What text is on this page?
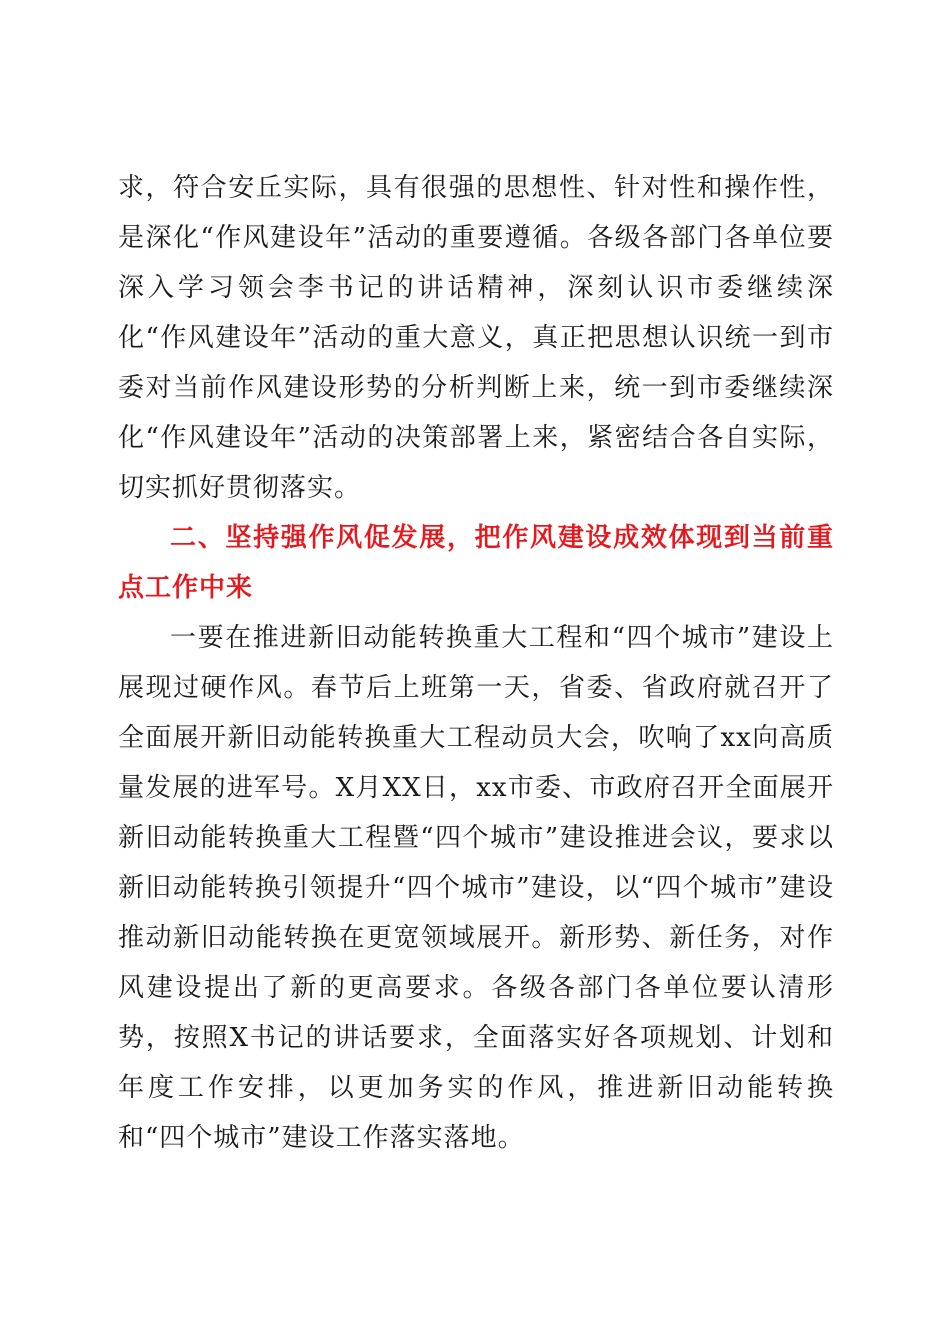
求，符合安丘实际，具有很强的思想性、针对性和操作性，是深化“作风建设年”活动的重要遵循。各级各部门各单位要深入学习领会李书记的讲话精神，深刻认识市委继续深化“作风建设年”活动的重大意义，真正把思想认识统一到市委对当前作风建设形势的分析判断上来，统一到市委继续深化“作风建设年”活动的决策部署上来，紧密结合各自实际，切实抓好贯彻落实。

二、坚持强作风促发展，把作风建设成效体现到当前重点工作中来

一要在推进新旧动能转换重大工程和“四个城市”建设上展现过硬作风。春节后上班第一天，省委、省政府就召开了全面展开新旧动能转换重大工程动员大会，吹响了xx向高质量发展的进军号。X月XX日，xx市委、市政府召开全面展开新旧动能转换重大工程暨“四个城市”建设推进会议，要求以新旧动能转换引领提升“四个城市”建设，以“四个城市”建设推动新旧动能转换在更宽领域展开。新形势、新任务，对作风建设提出了新的更高要求。各级各部门各单位要认清形势，按照X书记的讲话要求，全面落实好各项规划、计划和年度工作安排，以更加务实的作风，推进新旧动能转换和“四个城市”建设工作落实落地。
